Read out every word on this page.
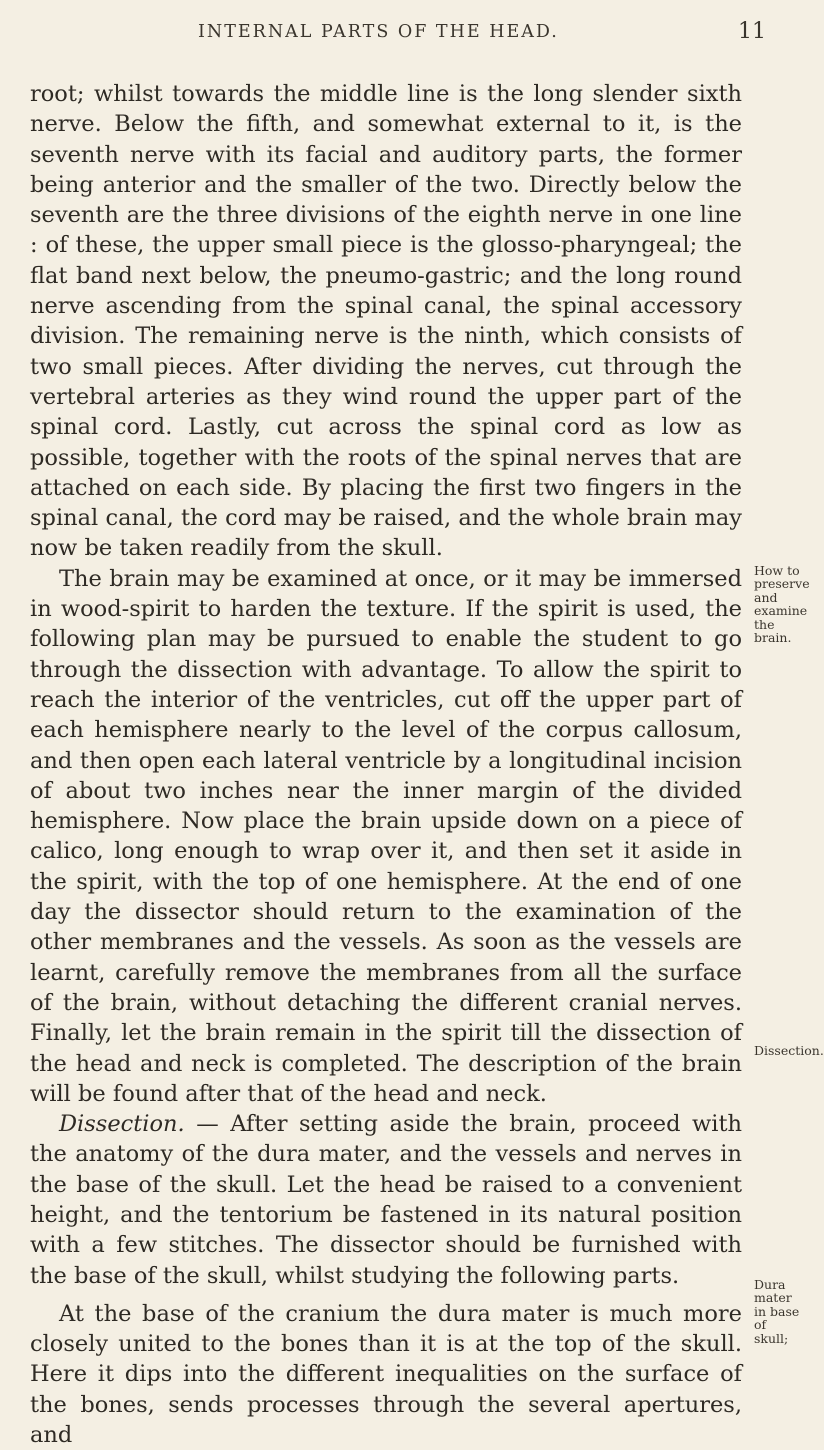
INTERNAL PARTS OF THE HEAD.	11

root; whilst towards the middle line is the long slender sixth nerve. Below the fifth, and somewhat external to it, is the seventh nerve with its facial and auditory parts, the former being anterior and the smaller of the two. Directly below the seventh are the three divisions of the eighth nerve in one line : of these, the upper small piece is the glosso-pharyngeal; the flat band next below, the pneumo-gastric; and the long round nerve ascending from the spinal canal, the spinal accessory division. The remaining nerve is the ninth, which consists of two small pieces. After dividing the nerves, cut through the vertebral arteries as they wind round the upper part of the spinal cord. Lastly, cut across the spinal cord as low as possible, together with the roots of the spinal nerves that are attached on each side. By placing the first two fingers in the spinal canal, the cord may be raised, and the whole brain may now be taken readily from the skull.

The brain may be examined at once, or it may be immersed in wood-spirit to harden the texture. If the spirit is used, the following plan may be pursued to enable the student to go through the dissection with advantage. To allow the spirit to reach the interior of the ventricles, cut off the upper part of each hemisphere nearly to the level of the corpus callosum, and then open each lateral ventricle by a longitudinal incision of about two inches near the inner margin of the divided hemisphere. Now place the brain upside down on a piece of calico, long enough to wrap over it, and then set it aside in the spirit, with the top of one hemisphere. At the end of one day the dissector should return to the examination of the other membranes and the vessels. As soon as the vessels are learnt, carefully remove the membranes from all the surface of the brain, without detaching the different cranial nerves. Finally, let the brain remain in the spirit till the dissection of the head and neck is completed. The description of the brain will be found after that of the head and neck.

Dissection. — After setting aside the brain, proceed with the anatomy of the dura mater, and the vessels and nerves in the base of the skull. Let the head be raised to a convenient height, and the tentorium be fastened in its natural position with a few stitches. The dissector should be furnished with the base of the skull, whilst studying the following parts.

At the base of the cranium the dura mater is much more closely united to the bones than it is at the top of the skull. Here it dips into the different inequalities on the surface of the bones, sends processes through the several apertures, and

How to preserve and examine the brain.
Dissection.
Dura mater in base of skull;
